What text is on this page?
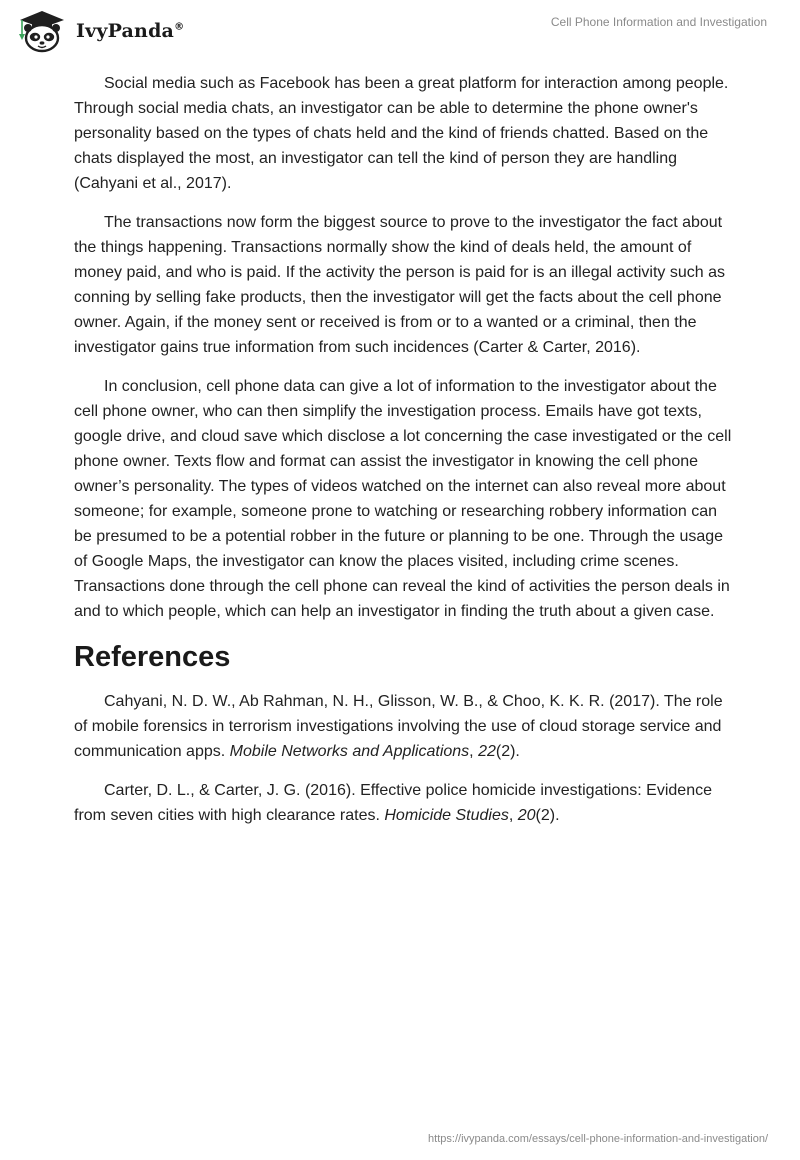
IvyPanda®	Cell Phone Information and Investigation

Social media such as Facebook has been a great platform for interaction among people. Through social media chats, an investigator can be able to determine the phone owner's personality based on the types of chats held and the kind of friends chatted. Based on the chats displayed the most, an investigator can tell the kind of person they are handling (Cahyani et al., 2017).

The transactions now form the biggest source to prove to the investigator the fact about the things happening. Transactions normally show the kind of deals held, the amount of money paid, and who is paid. If the activity the person is paid for is an illegal activity such as conning by selling fake products, then the investigator will get the facts about the cell phone owner. Again, if the money sent or received is from or to a wanted or a criminal, then the investigator gains true information from such incidences (Carter & Carter, 2016).

In conclusion, cell phone data can give a lot of information to the investigator about the cell phone owner, who can then simplify the investigation process. Emails have got texts, google drive, and cloud save which disclose a lot concerning the case investigated or the cell phone owner. Texts flow and format can assist the investigator in knowing the cell phone owner’s personality. The types of videos watched on the internet can also reveal more about someone; for example, someone prone to watching or researching robbery information can be presumed to be a potential robber in the future or planning to be one. Through the usage of Google Maps, the investigator can know the places visited, including crime scenes. Transactions done through the cell phone can reveal the kind of activities the person deals in and to which people, which can help an investigator in finding the truth about a given case.

References

Cahyani, N. D. W., Ab Rahman, N. H., Glisson, W. B., & Choo, K. K. R. (2017). The role of mobile forensics in terrorism investigations involving the use of cloud storage service and communication apps. Mobile Networks and Applications, 22(2).

Carter, D. L., & Carter, J. G. (2016). Effective police homicide investigations: Evidence from seven cities with high clearance rates. Homicide Studies, 20(2).

https://ivypanda.com/essays/cell-phone-information-and-investigation/
